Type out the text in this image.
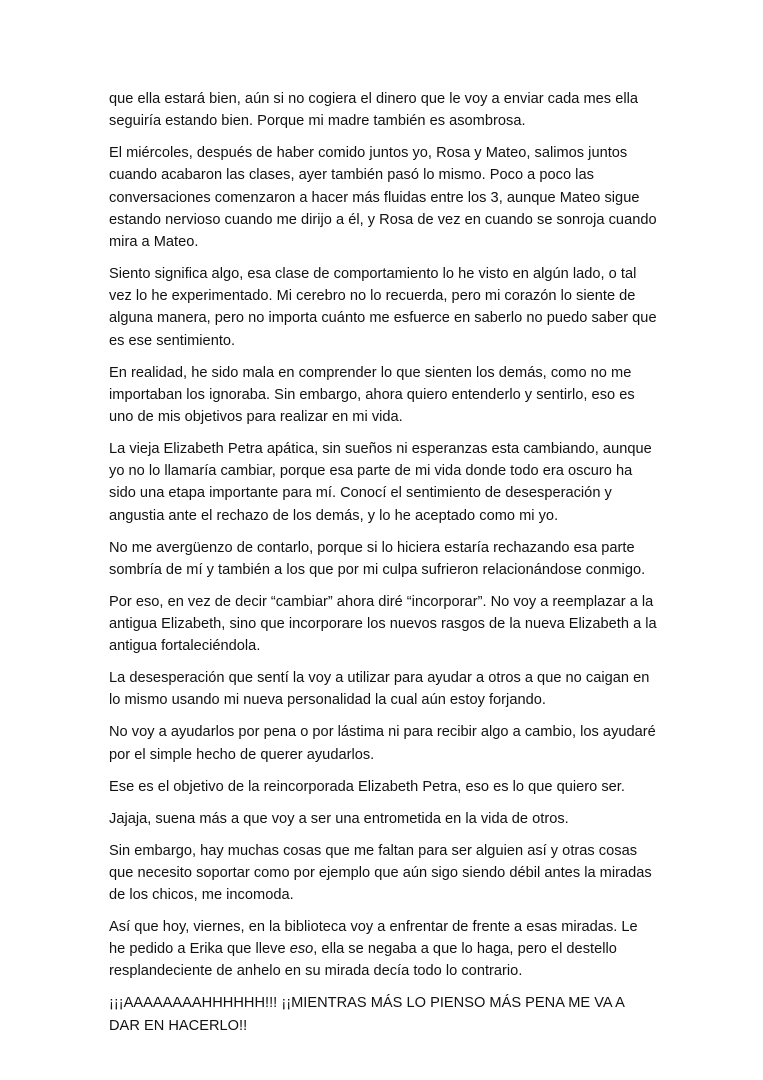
que ella estará bien, aún si no cogiera el dinero que le voy a enviar cada mes ella seguiría estando bien. Porque mi madre también es asombrosa.

El miércoles, después de haber comido juntos yo, Rosa y Mateo, salimos juntos cuando acabaron las clases, ayer también pasó lo mismo. Poco a poco las conversaciones comenzaron a hacer más fluidas entre los 3, aunque Mateo sigue estando nervioso cuando me dirijo a él, y Rosa de vez en cuando se sonroja cuando mira a Mateo.

Siento significa algo, esa clase de comportamiento lo he visto en algún lado, o tal vez lo he experimentado. Mi cerebro no lo recuerda, pero mi corazón lo siente de alguna manera, pero no importa cuánto me esfuerce en saberlo no puedo saber que es ese sentimiento.

En realidad, he sido mala en comprender lo que sienten los demás, como no me importaban los ignoraba. Sin embargo, ahora quiero entenderlo y sentirlo, eso es uno de mis objetivos para realizar en mi vida.

La vieja Elizabeth Petra apática, sin sueños ni esperanzas esta cambiando, aunque yo no lo llamaría cambiar, porque esa parte de mi vida donde todo era oscuro ha sido una etapa importante para mí. Conocí el sentimiento de desesperación y angustia ante el rechazo de los demás, y lo he aceptado como mi yo.

No me avergüenzo de contarlo, porque si lo hiciera estaría rechazando esa parte sombría de mí y también a los que por mi culpa sufrieron relacionándose conmigo.

Por eso, en vez de decir “cambiar” ahora diré “incorporar”. No voy a reemplazar a la antigua Elizabeth, sino que incorporare los nuevos rasgos de la nueva Elizabeth a la antigua fortaleciéndola.

La desesperación que sentí la voy a utilizar para ayudar a otros a que no caigan en lo mismo usando mi nueva personalidad la cual aún estoy forjando.

No voy a ayudarlos por pena o por lástima ni para recibir algo a cambio, los ayudaré por el simple hecho de querer ayudarlos.

Ese es el objetivo de la reincorporada Elizabeth Petra, eso es lo que quiero ser.

Jajaja, suena más a que voy a ser una entrometida en la vida de otros.

Sin embargo, hay muchas cosas que me faltan para ser alguien así y otras cosas que necesito soportar como por ejemplo que aún sigo siendo débil antes la miradas de los chicos, me incomoda.

Así que hoy, viernes, en la biblioteca voy a enfrentar de frente a esas miradas. Le he pedido a Erika que lleve eso, ella se negaba a que lo haga, pero el destello resplandeciente de anhelo en su mirada decía todo lo contrario.

¡¡¡AAAAAAAAHHHHHH!!! ¡¡MIENTRAS MÁS LO PIENSO MÁS PENA ME VA A DAR EN HACERLO!!
